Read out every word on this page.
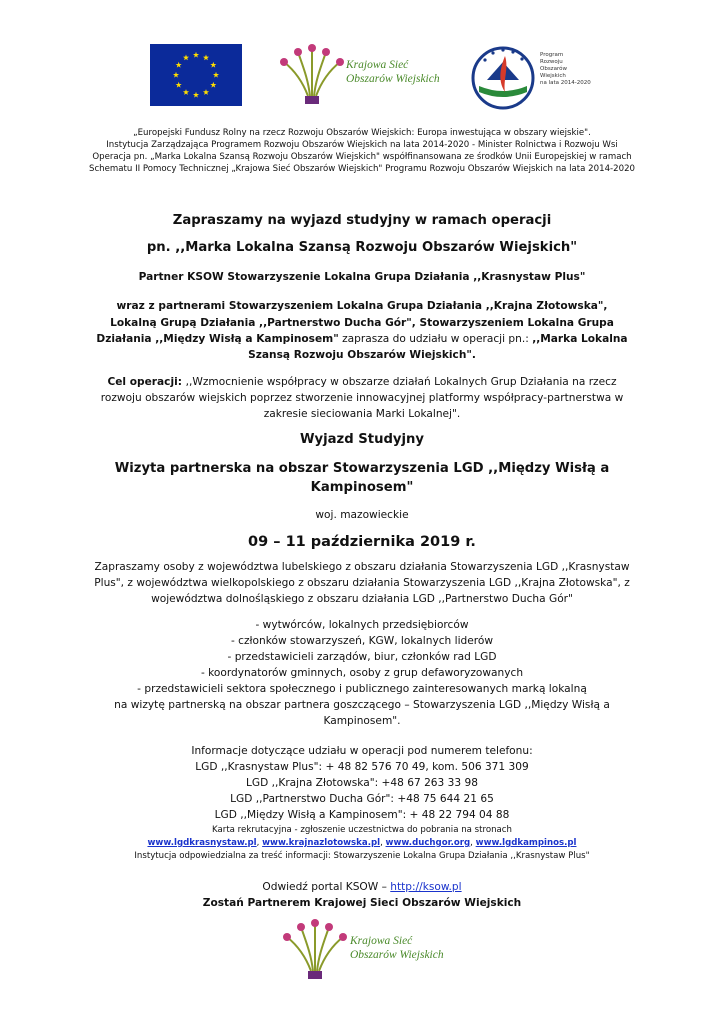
Krajowa Sieć
Obszarów Wiejskich
Program
Rozwoju
Obszarów
Wiejskich
na lata 2014-2020
„Europejski Fundusz Rolny na rzecz Rozwoju Obszarów Wiejskich: Europa inwestująca w obszary wiejskie".
Instytucja Zarządzająca Programem Rozwoju Obszarów Wiejskich na lata 2014-2020 - Minister Rolnictwa i Rozwoju Wsi
Operacja pn. „Marka Lokalna Szansą Rozwoju Obszarów Wiejskich" współfinansowana ze środków Unii Europejskiej w ramach
Schematu II Pomocy Technicznej „Krajowa Sieć Obszarów Wiejskich" Programu Rozwoju Obszarów Wiejskich na lata 2014-2020
Zapraszamy na wyjazd studyjny w ramach operacji
pn. ,,Marka Lokalna Szansą Rozwoju Obszarów Wiejskich"
Partner KSOW Stowarzyszenie Lokalna Grupa Działania ,,Krasnystaw Plus"
wraz z partnerami Stowarzyszeniem Lokalna Grupa Działania ,,Krajna Złotowska",
Lokalną Grupą Działania ,,Partnerstwo Ducha Gór", Stowarzyszeniem Lokalna Grupa
Działania ,,Między Wisłą a Kampinosem" zaprasza do udziału w operacji pn.: ,,Marka Lokalna
Szansą Rozwoju Obszarów Wiejskich".
Cel operacji: ,,Wzmocnienie współpracy w obszarze działań Lokalnych Grup Działania na rzecz
rozwoju obszarów wiejskich poprzez stworzenie innowacyjnej platformy współpracy-partnerstwa w
zakresie sieciowania Marki Lokalnej".
Wyjazd Studyjny
Wizyta partnerska na obszar Stowarzyszenia LGD ,,Między Wisłą a
Kampinosem"
woj. mazowieckie
09 – 11 października 2019 r.
Zapraszamy osoby z województwa lubelskiego z obszaru działania Stowarzyszenia LGD ,,Krasnystaw
Plus", z województwa wielkopolskiego z obszaru działania Stowarzyszenia LGD ,,Krajna Złotowska", z
województwa dolnośląskiego z obszaru działania LGD ,,Partnerstwo Ducha Gór"
- wytwórców, lokalnych przedsiębiorców
- członków stowarzyszeń, KGW, lokalnych liderów
- przedstawicieli zarządów, biur, członków rad LGD
- koordynatorów gminnych, osoby z grup defaworyzowanych
- przedstawicieli sektora społecznego i publicznego zainteresowanych marką lokalną
na wizytę partnerską na obszar partnera goszczącego – Stowarzyszenia LGD ,,Między Wisłą a
Kampinosem".
Informacje dotyczące udziału w operacji pod numerem telefonu:
LGD ,,Krasnystaw Plus": + 48 82 576 70 49, kom. 506 371 309
LGD ,,Krajna Złotowska": +48 67 263 33 98
LGD ,,Partnerstwo Ducha Gór": +48 75 644 21 65
LGD ,,Między Wisłą a Kampinosem": + 48 22 794 04 88
Karta rekrutacyjna - zgłoszenie uczestnictwa do pobrania na stronach
www.lgdkrasnystaw.pl, www.krajnazlotowska.pl, www.duchgor.org, www.lgdkampinos.pl
Instytucja odpowiedzialna za treść informacji: Stowarzyszenie Lokalna Grupa Działania ,,Krasnystaw Plus"
Odwiedź portal KSOW – http://ksow.pl
Zostań Partnerem Krajowej Sieci Obszarów Wiejskich
Krajowa Sieć
Obszarów Wiejskich
